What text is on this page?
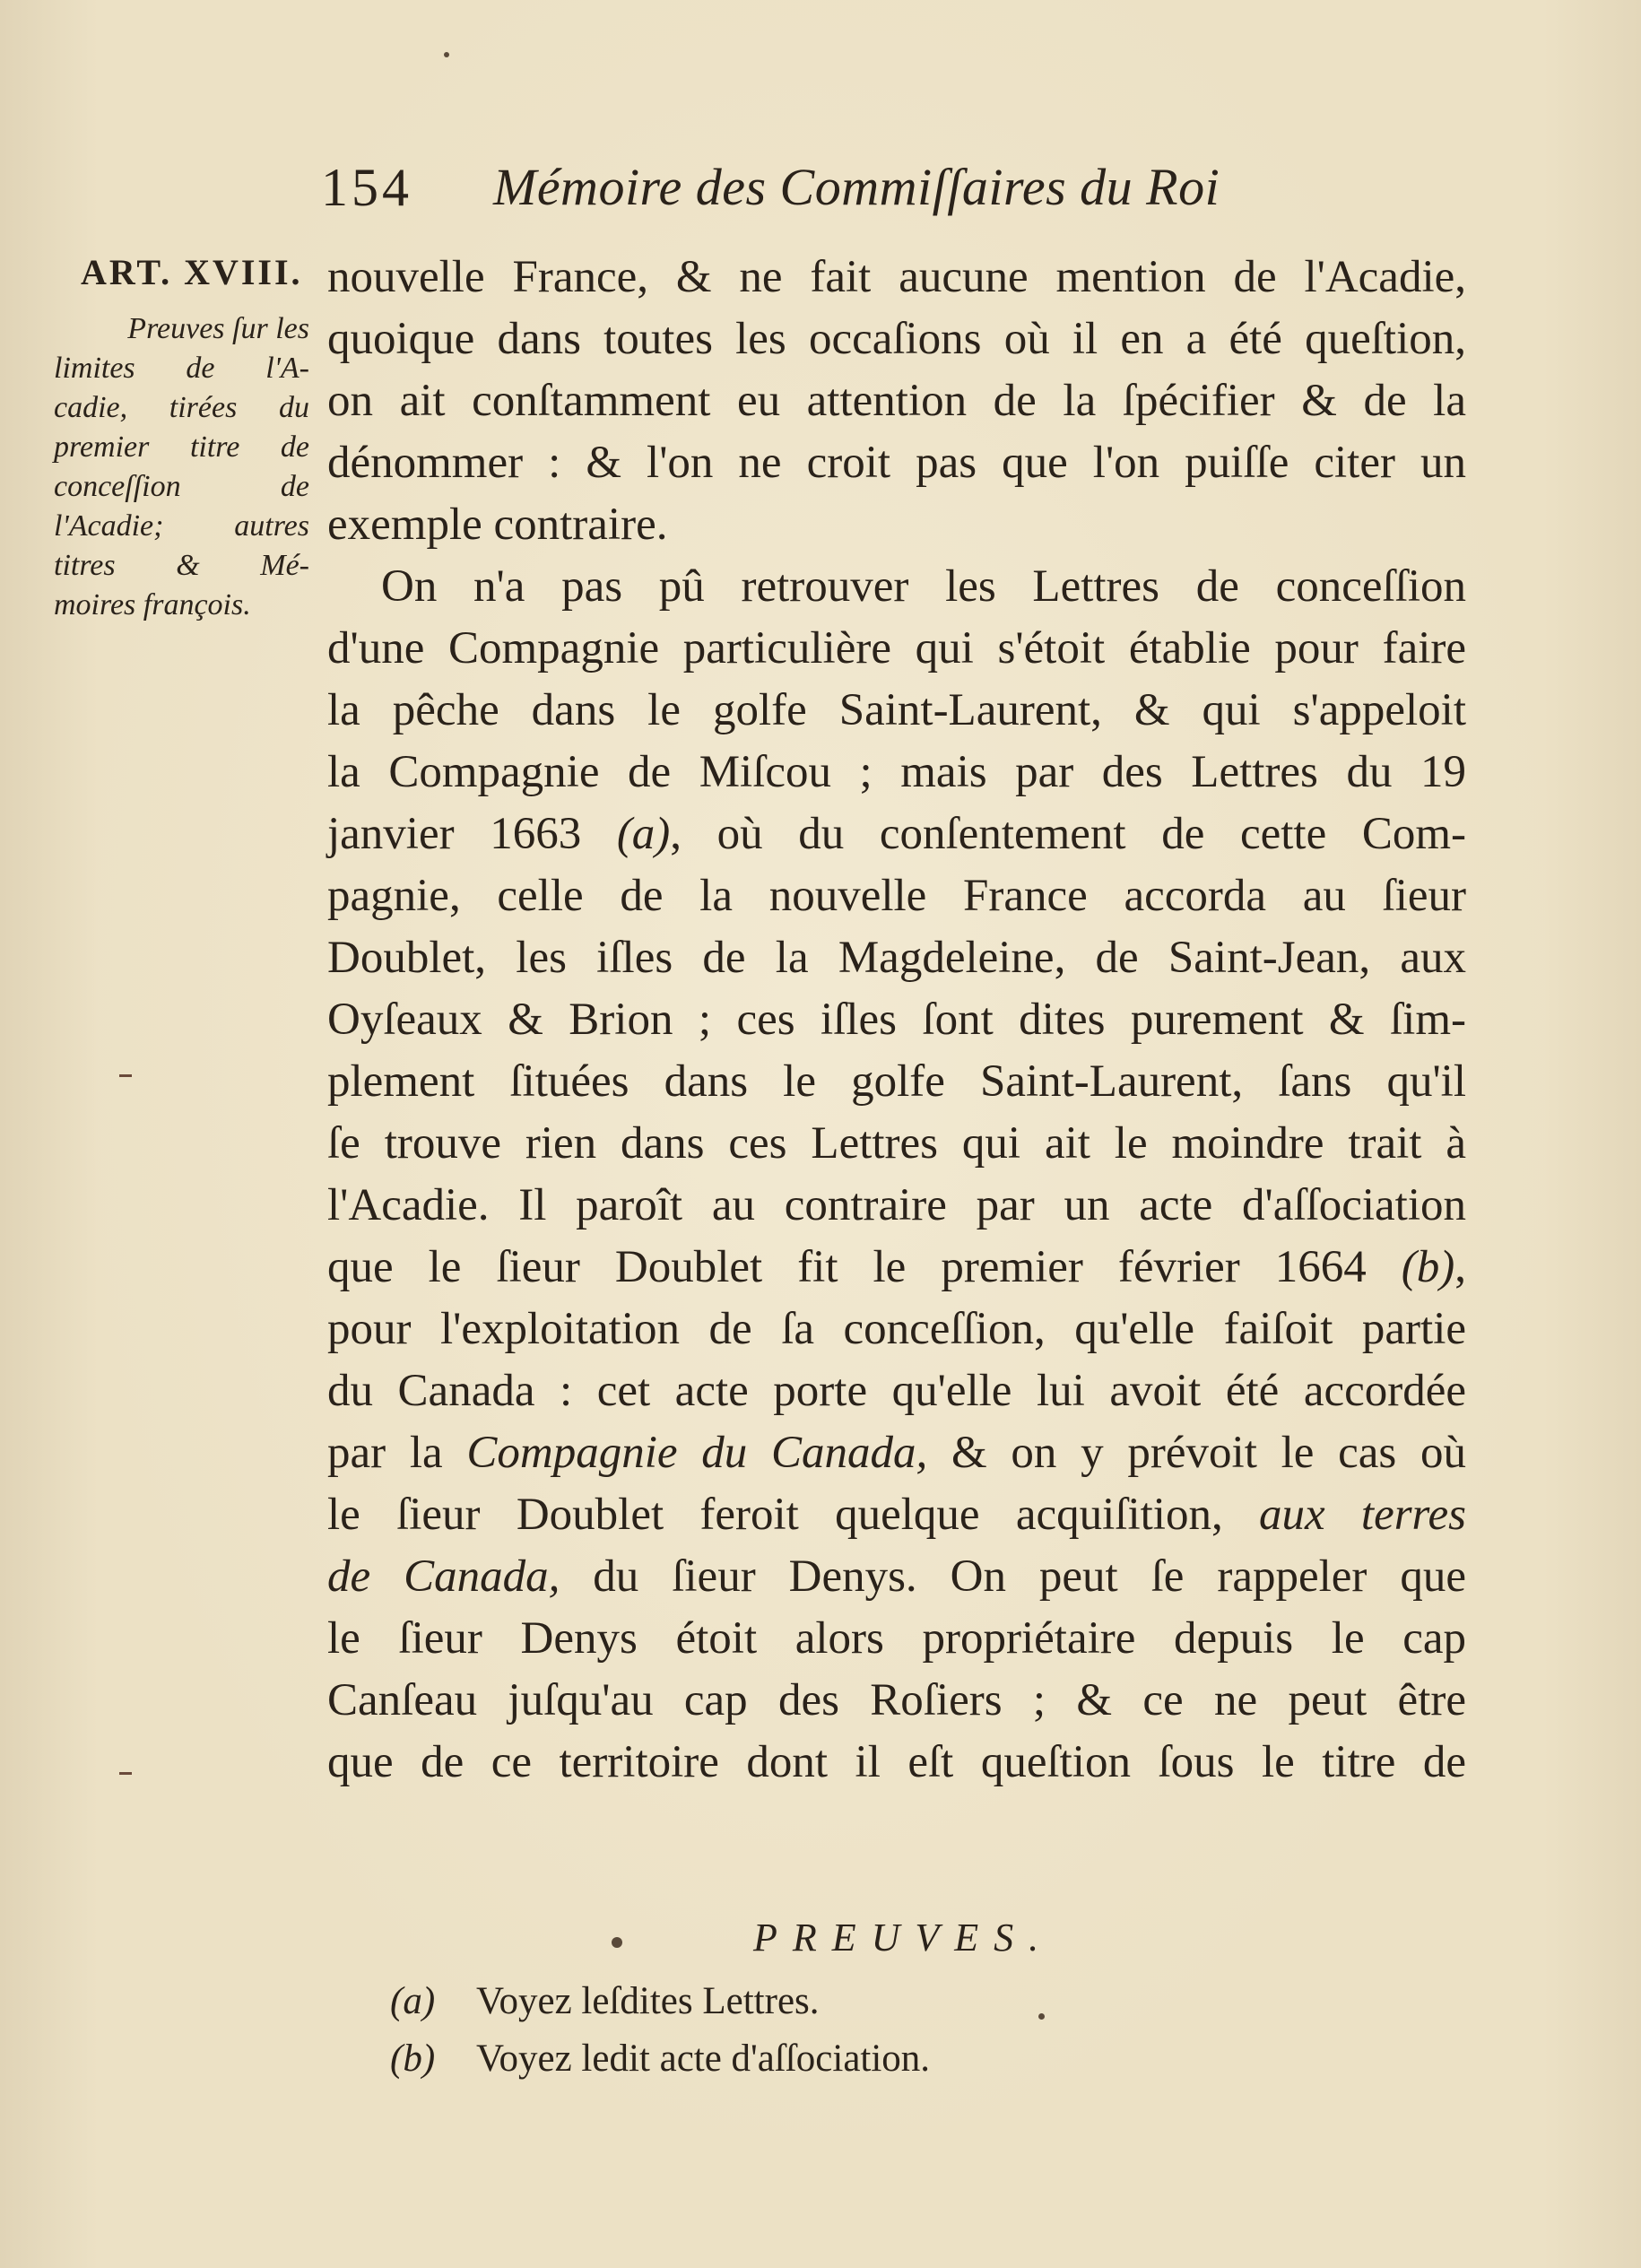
154 Mémoire des Commiſſaires du Roi
ART. XVIII.
Preuves ſur les
limites de l'A-
cadie, tirées du
premier titre de
conceſſion de
l'Acadie; autres
titres & Mé-
moires françois.
nouvelle France, & ne fait aucune mention de l'Acadie,
quoique dans toutes les occaſions où il en a été queſtion,
on ait conſtamment eu attention de la ſpécifier & de la
dénommer : & l'on ne croit pas que l'on puiſſe citer un
exemple contraire.
On n'a pas pû retrouver les Lettres de conceſſion
d'une Compagnie particulière qui s'étoit établie pour faire
la pêche dans le golfe Saint-Laurent, & qui s'appeloit
la Compagnie de Miſcou ; mais par des Lettres du 19
janvier 1663 (a), où du conſentement de cette Com-
pagnie, celle de la nouvelle France accorda au ſieur
Doublet, les iſles de la Magdeleine, de Saint-Jean, aux
Oyſeaux & Brion ; ces iſles ſont dites purement & ſim-
plement ſituées dans le golfe Saint-Laurent, ſans qu'il
ſe trouve rien dans ces Lettres qui ait le moindre trait à
l'Acadie. Il paroît au contraire par un acte d'aſſociation
que le ſieur Doublet fit le premier février 1664 (b),
pour l'exploitation de ſa conceſſion, qu'elle faiſoit partie
du Canada : cet acte porte qu'elle lui avoit été accordée
par la Compagnie du Canada, & on y prévoit le cas où
le ſieur Doublet feroit quelque acquiſition, aux terres
de Canada, du ſieur Denys. On peut ſe rappeler que
le ſieur Denys étoit alors propriétaire depuis le cap
Canſeau juſqu'au cap des Roſiers ; & ce ne peut être
que de ce territoire dont il eſt queſtion ſous le titre de
PREUVES.
(a) Voyez leſdites Lettres.
(b) Voyez ledit acte d'aſſociation.
